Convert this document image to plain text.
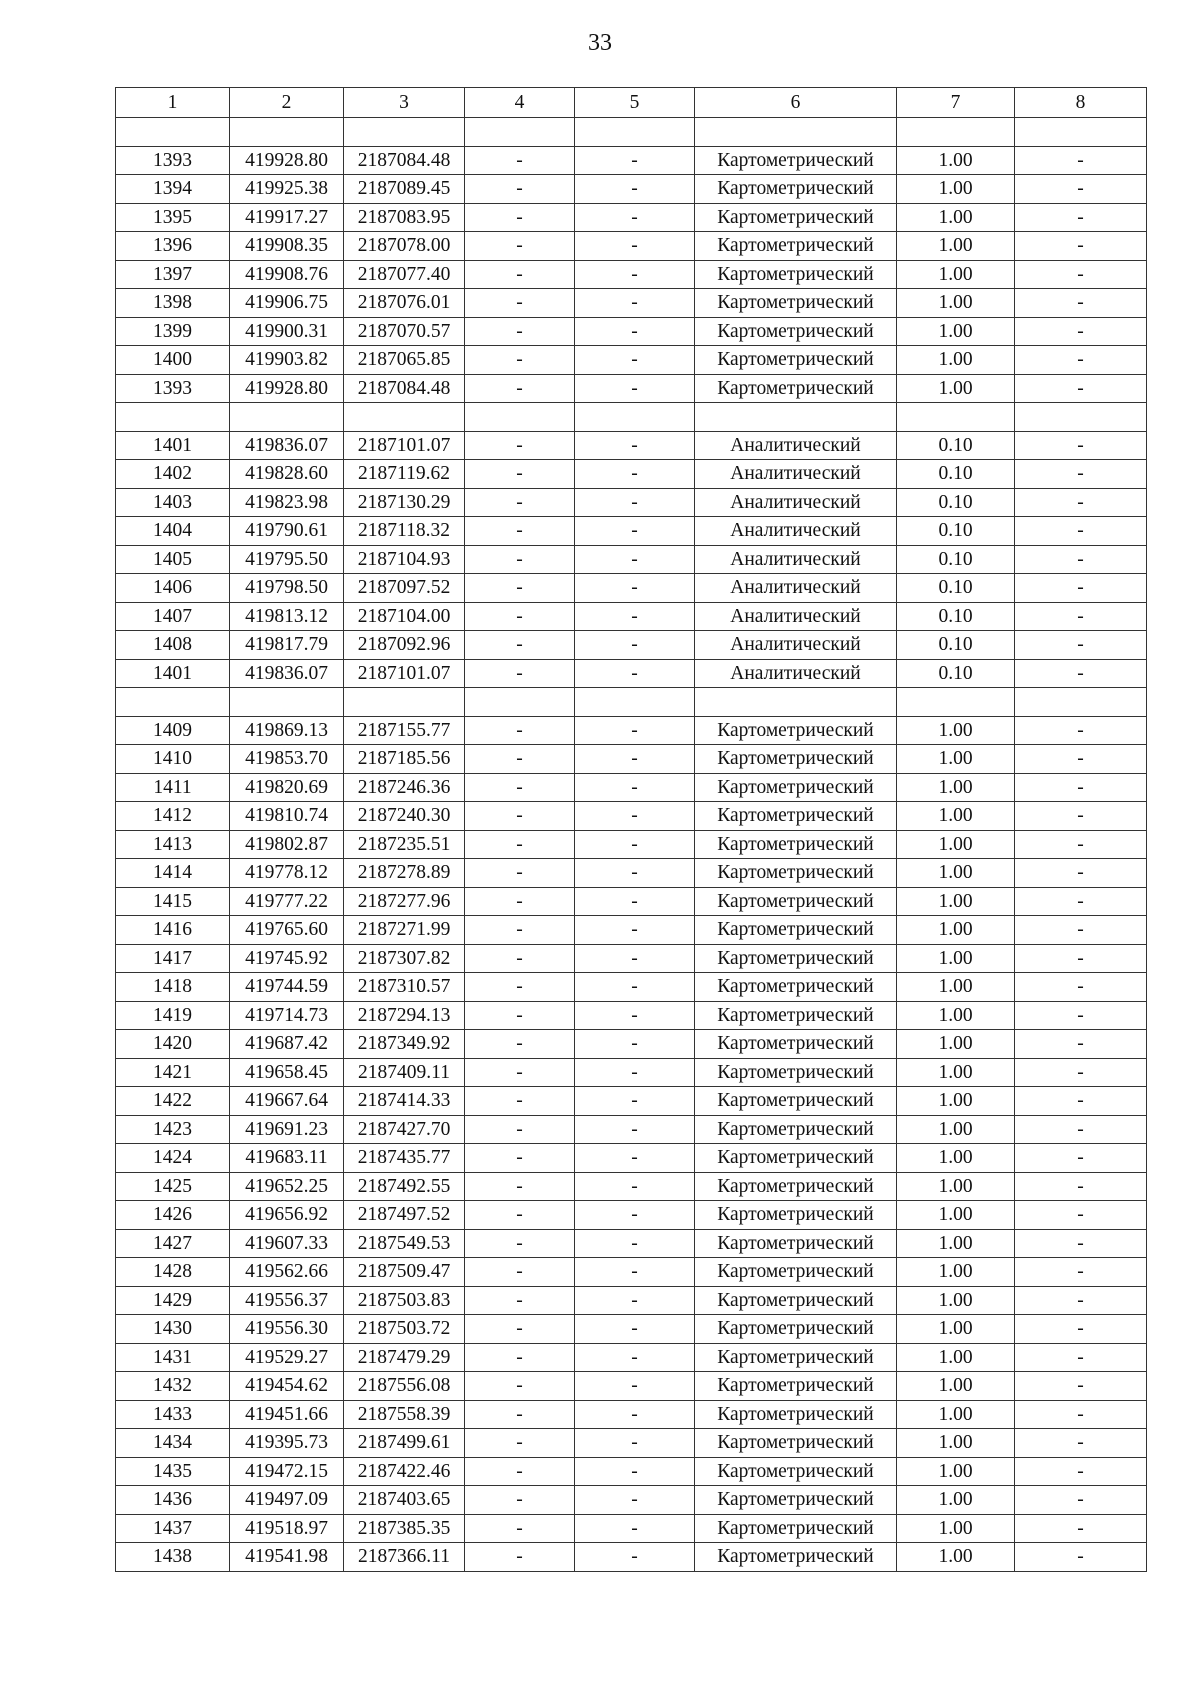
33
1	2	3	4	5	6	7	8

1393	419928.80	2187084.48	-	-	Картометрический	1.00	-
1394	419925.38	2187089.45	-	-	Картометрический	1.00	-
1395	419917.27	2187083.95	-	-	Картометрический	1.00	-
1396	419908.35	2187078.00	-	-	Картометрический	1.00	-
1397	419908.76	2187077.40	-	-	Картометрический	1.00	-
1398	419906.75	2187076.01	-	-	Картометрический	1.00	-
1399	419900.31	2187070.57	-	-	Картометрический	1.00	-
1400	419903.82	2187065.85	-	-	Картометрический	1.00	-
1393	419928.80	2187084.48	-	-	Картометрический	1.00	-

1401	419836.07	2187101.07	-	-	Аналитический	0.10	-
1402	419828.60	2187119.62	-	-	Аналитический	0.10	-
1403	419823.98	2187130.29	-	-	Аналитический	0.10	-
1404	419790.61	2187118.32	-	-	Аналитический	0.10	-
1405	419795.50	2187104.93	-	-	Аналитический	0.10	-
1406	419798.50	2187097.52	-	-	Аналитический	0.10	-
1407	419813.12	2187104.00	-	-	Аналитический	0.10	-
1408	419817.79	2187092.96	-	-	Аналитический	0.10	-
1401	419836.07	2187101.07	-	-	Аналитический	0.10	-

1409	419869.13	2187155.77	-	-	Картометрический	1.00	-
1410	419853.70	2187185.56	-	-	Картометрический	1.00	-
1411	419820.69	2187246.36	-	-	Картометрический	1.00	-
1412	419810.74	2187240.30	-	-	Картометрический	1.00	-
1413	419802.87	2187235.51	-	-	Картометрический	1.00	-
1414	419778.12	2187278.89	-	-	Картометрический	1.00	-
1415	419777.22	2187277.96	-	-	Картометрический	1.00	-
1416	419765.60	2187271.99	-	-	Картометрический	1.00	-
1417	419745.92	2187307.82	-	-	Картометрический	1.00	-
1418	419744.59	2187310.57	-	-	Картометрический	1.00	-
1419	419714.73	2187294.13	-	-	Картометрический	1.00	-
1420	419687.42	2187349.92	-	-	Картометрический	1.00	-
1421	419658.45	2187409.11	-	-	Картометрический	1.00	-
1422	419667.64	2187414.33	-	-	Картометрический	1.00	-
1423	419691.23	2187427.70	-	-	Картометрический	1.00	-
1424	419683.11	2187435.77	-	-	Картометрический	1.00	-
1425	419652.25	2187492.55	-	-	Картометрический	1.00	-
1426	419656.92	2187497.52	-	-	Картометрический	1.00	-
1427	419607.33	2187549.53	-	-	Картометрический	1.00	-
1428	419562.66	2187509.47	-	-	Картометрический	1.00	-
1429	419556.37	2187503.83	-	-	Картометрический	1.00	-
1430	419556.30	2187503.72	-	-	Картометрический	1.00	-
1431	419529.27	2187479.29	-	-	Картометрический	1.00	-
1432	419454.62	2187556.08	-	-	Картометрический	1.00	-
1433	419451.66	2187558.39	-	-	Картометрический	1.00	-
1434	419395.73	2187499.61	-	-	Картометрический	1.00	-
1435	419472.15	2187422.46	-	-	Картометрический	1.00	-
1436	419497.09	2187403.65	-	-	Картометрический	1.00	-
1437	419518.97	2187385.35	-	-	Картометрический	1.00	-
1438	419541.98	2187366.11	-	-	Картометрический	1.00	-
